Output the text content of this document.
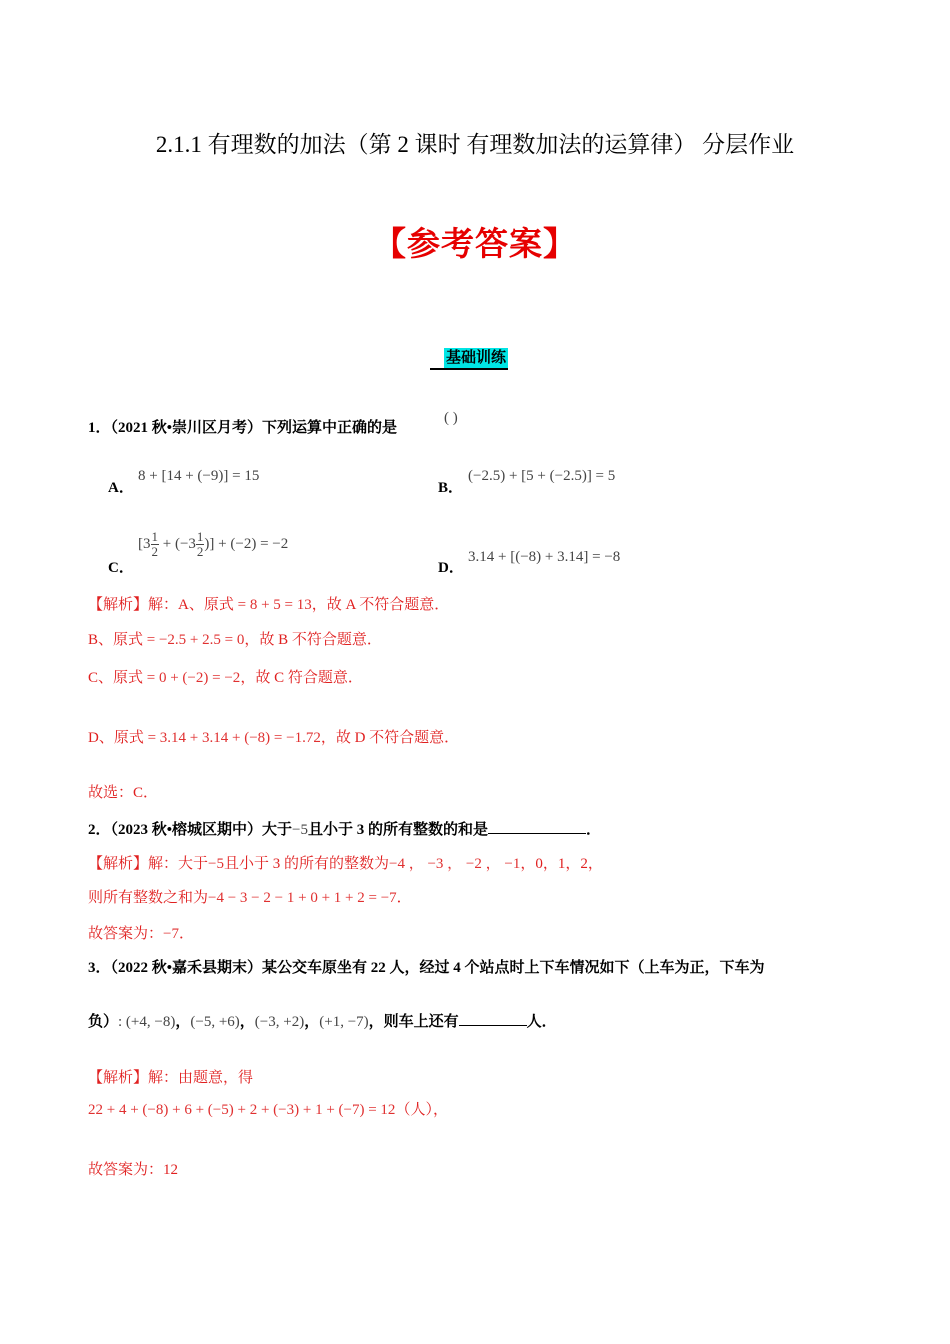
2.1.1 有理数的加法（第 2 课时 有理数加法的运算律） 分层作业
【参考答案】
基础训练
1．（2021 秋•崇川区月考）下列运算中正确的是
( )
A．
8 + [14 + (−9)] = 15
B．
(−2.5) + [5 + (−2.5)] = 5
C．
[$3 \frac{1}{2} + (-3 \frac{1}{2}$ )] + (−2) = −2
D．
3.14 + [(−8) + 3.14] = −8
【解析】解：A、原式 = 8 + 5 = 13，故 A 不符合题意．
B、原式 = −2.5 + 2.5 = 0，故 B 不符合题意．
C、原式 = 0 + (−2) = −2，故 C 符合题意．
D、原式 = 3.14 + 3.14 + (−8) = −1.72，故 D 不符合题意．
故选：C．
2．（2023 秋•榕城区期中）大于−5且小于 3 的所有整数的和是	．
【解析】解：大于−5且小于 3 的所有的整数为−4 ， −3 ， −2 ， −1，0，1，2，
则所有整数之和为−4 − 3 − 2 − 1 + 0 + 1 + 2 = −7．
故答案为：−7．
3．（2022 秋•嘉禾县期末）某公交车原坐有 22 人，经过 4 个站点时上下车情况如下（上车为正，下车为
负）: (+4, −8)，(−5, +6)，(−3, +2)，(+1, −7)，则车上还有	人．
【解析】解：由题意，得
22 + 4 + (−8) + 6 + (−5) + 2 + (−3) + 1 + (−7) = 12（人），
故答案为：12
